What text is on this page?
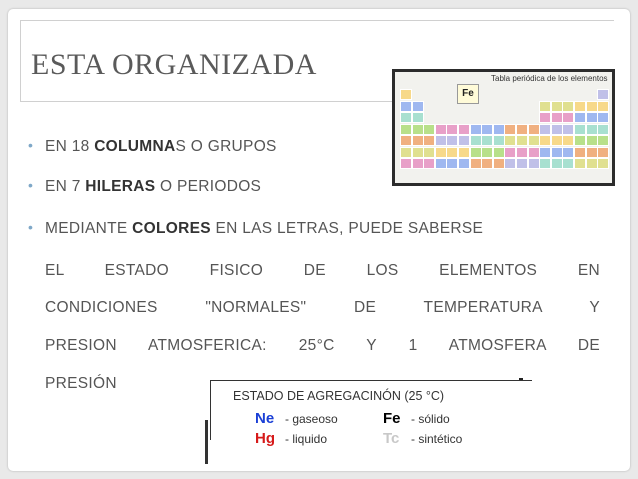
ESTA ORGANIZADA	Tabla periódica de los elementos
Fe
• EN 18 COLUMNAS O GRUPOS
• EN 7 HILERAS O PERIODOS
• MEDIANTE COLORES EN LAS LETRAS, PUEDE SABERSE
EL ESTADO FISICO DE LOS ELEMENTOS EN
CONDICIONES "NORMALES" DE TEMPERATURA Y
PRESION ATMOSFERICA: 25°C Y 1 ATMOSFERA DE
PRESIÓN
ESTADO DE AGREGACINÓN (25 °C)
Ne - gaseoso	Fe - sólido
Hg - liquido	Tc - sintético
